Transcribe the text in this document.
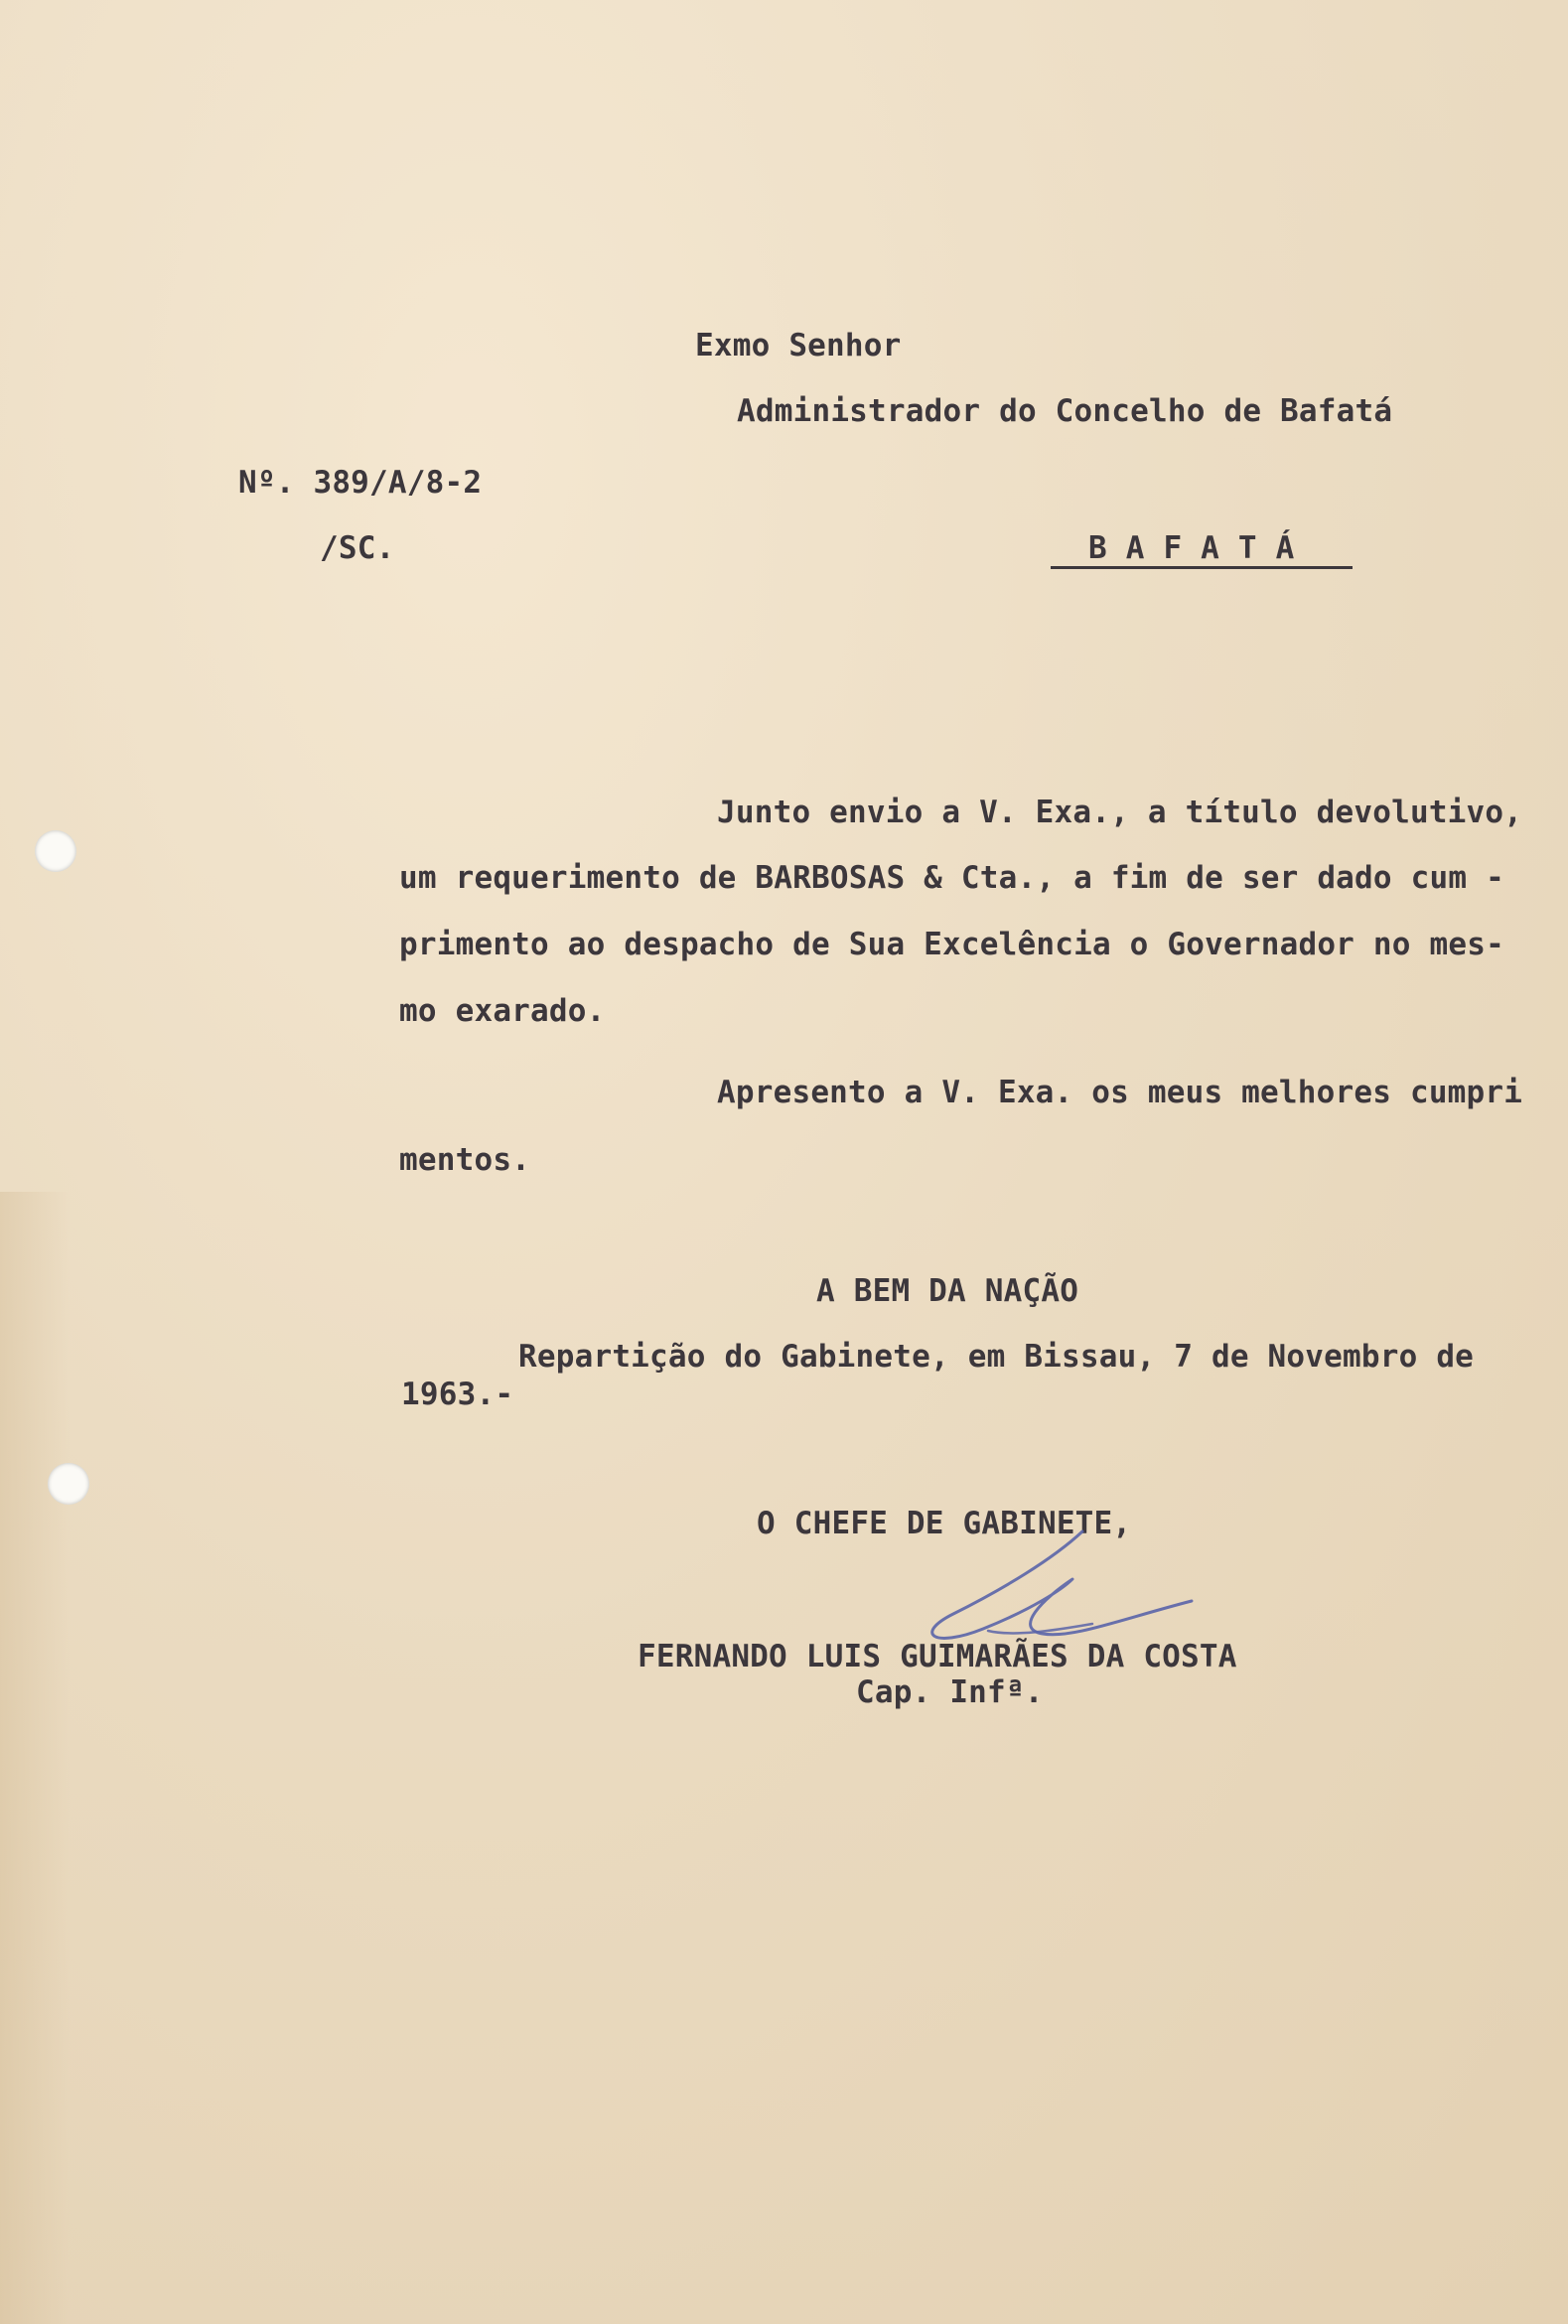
Exmo Senhor
Administrador do Concelho de Bafatá
Nº. 389/A/8-2
/SC.	B A F A T Á
Junto envio a V. Exa., a título devolutivo,
um requerimento de BARBOSAS & Cta., a fim de ser dado cum -
primento ao despacho de Sua Excelência o Governador no mes-
mo exarado.
Apresento a V. Exa. os meus melhores cumpri
mentos.
A BEM DA NAÇÃO
Repartição do Gabinete, em Bissau, 7 de Novembro de
1963.-
O CHEFE DE GABINETE,
FERNANDO LUIS GUIMARÃES DA COSTA
Cap. Infª.
